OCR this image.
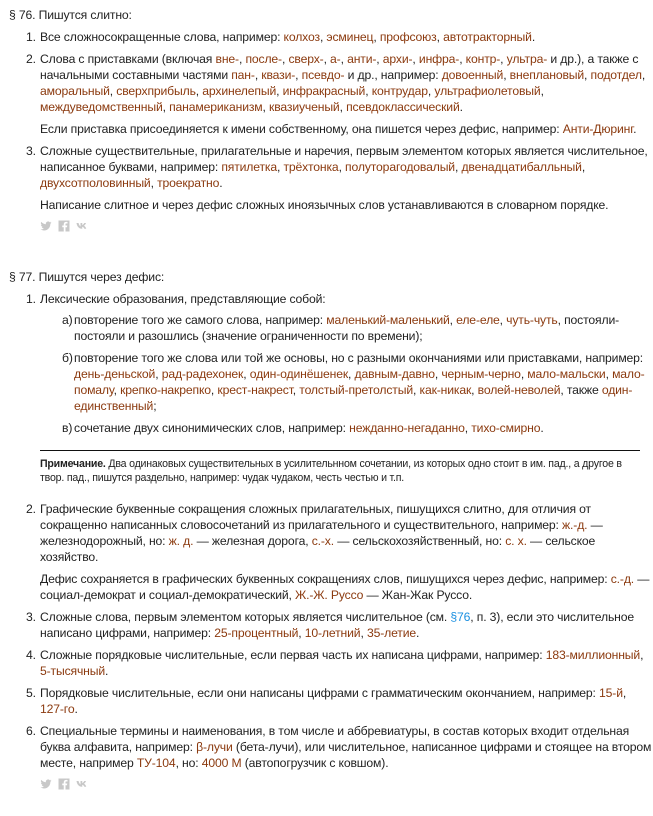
§ 76. Пишутся слитно:
1. Все сложносокращенные слова, например: колхоз, эсминец, профсоюз, автотракторный.
2. Слова с приставками (включая вне-, после-, сверх-, а-, анти-, архи-, инфра-, контр-, ультра- и др.), а также с начальными составными частями пан-, квази-, псевдо- и др., например: довоенный, внеплановый, подотдел, аморальный, сверхприбыль, архинелепый, инфракрасный, контрудар, ультрафиолетовый, междуведомственный, панамериканизм, квазиученый, псевдоклассический.
Если приставка присоединяется к имени собственному, она пишется через дефис, например: Анти-Дюринг.
3. Сложные существительные, прилагательные и наречия, первым элементом которых является числительное, написанное буквами, например: пятилетка, трёхтонка, полуторагодовалый, двенадцатибалльный, двухсотполовинный, троекратно.
Написание слитное и через дефис сложных иноязычных слов устанавливаются в словарном порядке.
§ 77. Пишутся через дефис:
1. Лексические образования, представляющие собой:
а) повторение того же самого слова, например: маленький-маленький, еле-еле, чуть-чуть, постояли-постояли и разошлись (значение ограниченности по времени);
б) повторение того же слова или той же основы, но с разными окончаниями или приставками, например: день-деньской, рад-радехонек, один-одинёшенек, давным-давно, черным-черно, мало-мальски, мало-помалу, крепко-накрепко, крест-накрест, толстый-претолстый, как-никак, волей-неволей, также один-единственный;
в) сочетание двух синонимических слов, например: нежданно-негаданно, тихо-смирно.
Примечание. Два одинаковых существительных в усилительнном сочетании, из которых одно стоит в им. пад., а другое в твор. пад., пишутся раздельно, например: чудак чудаком, честь честью и т.п.
2. Графические буквенные сокращения сложных прилагательных, пишущихся слитно, для отличия от сокращенно написанных словосочетаний из прилагательного и существительного, например: ж.-д. — железнодорожный, но: ж. д. — железная дорога, с.-х. — сельскохозяйственный, но: с. х. — сельское хозяйство.
Дефис сохраняется в графических буквенных сокращениях слов, пишущихся через дефис, например: с.-д. — социал-демократ и социал-демократический, Ж.-Ж. Руссо — Жан-Жак Руссо.
3. Сложные слова, первым элементом которых является числительное (см. §76, п. 3), если это числительное написано цифрами, например: 25-процентный, 10-летний, 35-летие.
4. Сложные порядковые числительные, если первая часть их написана цифрами, например: 183-миллионный, 5-тысячный.
5. Порядковые числительные, если они написаны цифрами с грамматическим окончанием, например: 15-й, 127-го.
6. Специальные термины и наименования, в том числе и аббревиатуры, в состав которых входит отдельная буква алфавита, например: β-лучи (бета-лучи), или числительное, написанное цифрами и стоящее на втором месте, например ТУ-104, но: 4000 М (автопогрузчик с ковшом).
